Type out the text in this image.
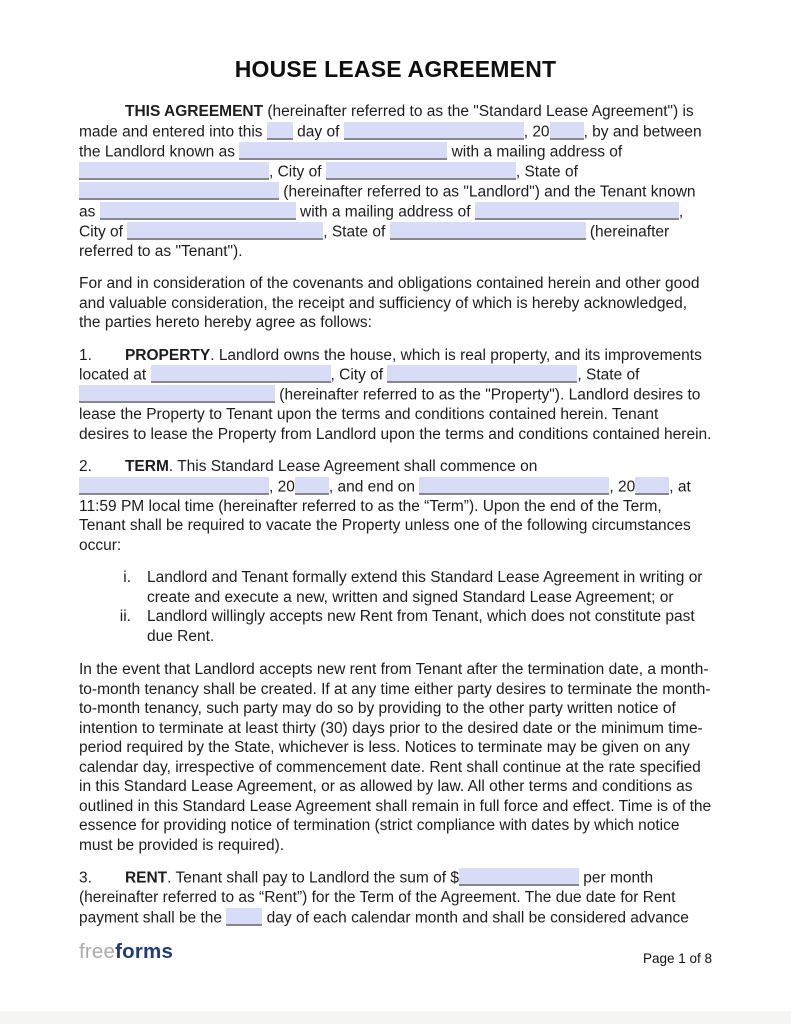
HOUSE LEASE AGREEMENT
THIS AGREEMENT (hereinafter referred to as the "Standard Lease Agreement") is made and entered into this  day of	, 20 , by and between the Landlord known as	with a mailing address of , City of	, State of  (hereinafter referred to as "Landlord") and the Tenant known as	with a mailing address of	, City of	, State of	(hereinafter referred to as "Tenant").
For and in consideration of the covenants and obligations contained herein and other good and valuable consideration, the receipt and sufficiency of which is hereby acknowledged, the parties hereto hereby agree as follows:
1. PROPERTY. Landlord owns the house, which is real property, and its improvements located at	, City of	, State of  (hereinafter referred to as the "Property"). Landlord desires to lease the Property to Tenant upon the terms and conditions contained herein. Tenant desires to lease the Property from Landlord upon the terms and conditions contained herein.
2. TERM. This Standard Lease Agreement shall commence on , 20 , and end on	, 20 , at 11:59 PM local time (hereinafter referred to as the “Term”). Upon the end of the Term, Tenant shall be required to vacate the Property unless one of the following circumstances occur:
i. Landlord and Tenant formally extend this Standard Lease Agreement in writing or create and execute a new, written and signed Standard Lease Agreement; or
ii. Landlord willingly accepts new Rent from Tenant, which does not constitute past due Rent.
In the event that Landlord accepts new rent from Tenant after the termination date, a month-to-month tenancy shall be created. If at any time either party desires to terminate the month-to-month tenancy, such party may do so by providing to the other party written notice of intention to terminate at least thirty (30) days prior to the desired date or the minimum time-period required by the State, whichever is less. Notices to terminate may be given on any calendar day, irrespective of commencement date. Rent shall continue at the rate specified in this Standard Lease Agreement, or as allowed by law. All other terms and conditions as outlined in this Standard Lease Agreement shall remain in full force and effect. Time is of the essence for providing notice of termination (strict compliance with dates by which notice must be provided is required).
3. RENT. Tenant shall pay to Landlord the sum of $	per month (hereinafter referred to as “Rent”) for the Term of the Agreement. The due date for Rent payment shall be the  day of each calendar month and shall be considered advance
freeforms	Page 1 of 8
